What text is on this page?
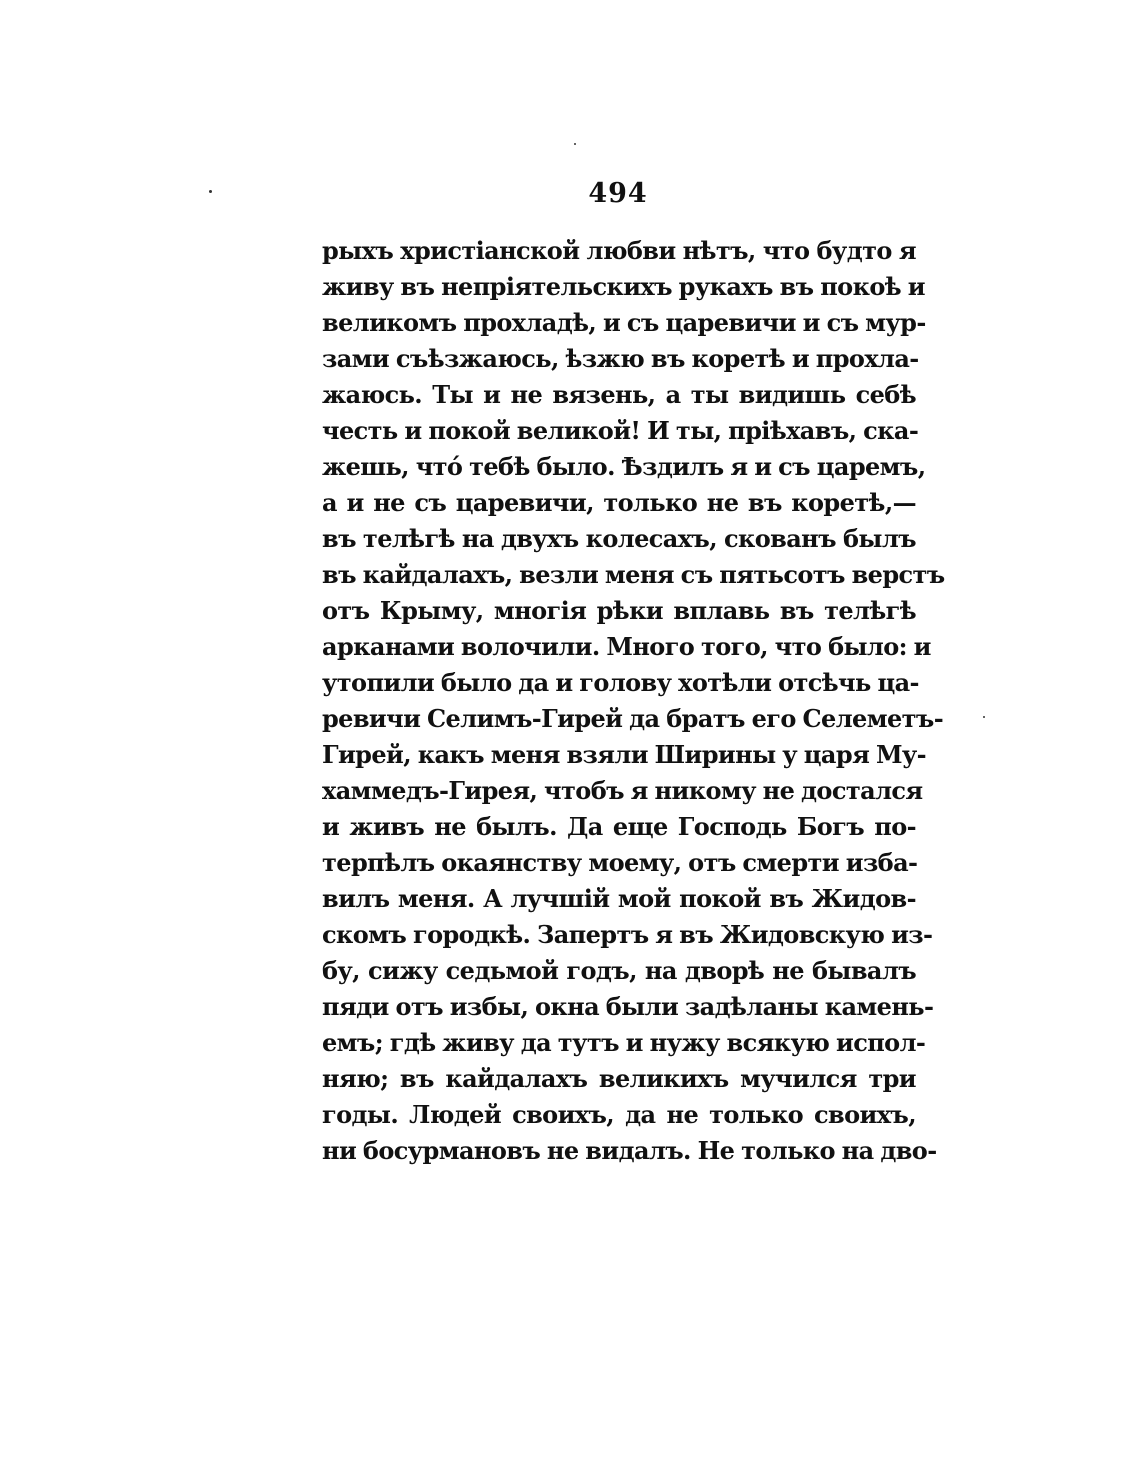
494
рыхъ христіанской любви нѣтъ, что будто я
живу въ непріятельскихъ рукахъ въ покоѣ и
великомъ прохладѣ, и съ царевичи и съ мур-
зами съѣзжаюсь, ѣзжю въ коретѣ и прохла-
жаюсь. Ты и не вязень, а ты видишь себѣ
честь и покой великой! И ты, пріѣхавъ, ска-
жешь, что́ тебѣ было. Ѣздилъ я и съ царемъ,
а и не съ царевичи, только не въ коретѣ,—
въ телѣгѣ на двухъ колесахъ, скованъ былъ
въ кайдалахъ, везли меня съ пятьсотъ верстъ
отъ Крыму, многія рѣки вплавь въ телѣгѣ
арканами волочили. Много того, что было: и
утопили было да и голову хотѣли отсѣчь ца-
ревичи Селимъ-Гирей да братъ его Селеметъ-
Гирей, какъ меня взяли Ширины у царя Му-
хаммедъ-Гирея, чтобъ я никому не достался
и живъ не былъ. Да еще Господь Богъ по-
терпѣлъ окаянству моему, отъ смерти изба-
вилъ меня. А лучшій мой покой въ Жидов-
скомъ городкѣ. Запертъ я въ Жидовскую из-
бу, сижу седьмой годъ, на дворѣ не бывалъ
пяди отъ избы, окна были задѣланы камень-
емъ; гдѣ живу да тутъ и нужу всякую испол-
няю; въ кайдалахъ великихъ мучился три
годы. Людей своихъ, да не только своихъ,
ни босурмановъ не видалъ. Не только на дво-
